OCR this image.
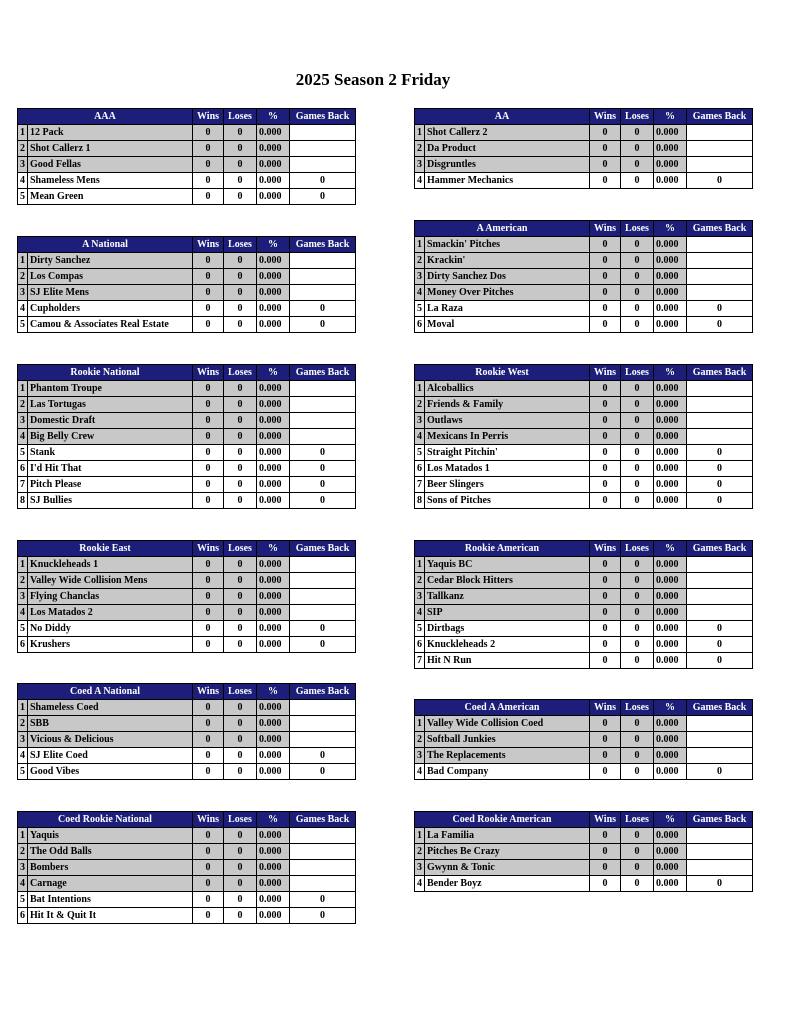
2025 Season 2 Friday
AAA		Wins	Loses	%	Games Back
1	12 Pack	0	0	0.000	
2	Shot Callerz 1	0	0	0.000	
3	Good Fellas	0	0	0.000	
4	Shameless Mens	0	0	0.000	0
5	Mean Green	0	0	0.000	0
AA		Wins	Loses	%	Games Back
1	Shot Callerz 2	0	0	0.000	
2	Da Product	0	0	0.000	
3	Disgruntles	0	0	0.000	
4	Hammer Mechanics	0	0	0.000	0
A National		Wins	Loses	%	Games Back
1	Dirty Sanchez	0	0	0.000	
2	Los Compas	0	0	0.000	
3	SJ Elite Mens	0	0	0.000	
4	Cupholders	0	0	0.000	0
5	Camou & Associates Real Estate	0	0	0.000	0
A American		Wins	Loses	%	Games Back
1	Smackin' Pitches	0	0	0.000	
2	Krackin'	0	0	0.000	
3	Dirty Sanchez Dos	0	0	0.000	
4	Money Over Pitches	0	0	0.000	
5	La Raza	0	0	0.000	0
6	Moval	0	0	0.000	0
Rookie National		Wins	Loses	%	Games Back
1	Phantom Troupe	0	0	0.000	
2	Las Tortugas	0	0	0.000	
3	Domestic Draft	0	0	0.000	
4	Big Belly Crew	0	0	0.000	
5	Stank	0	0	0.000	0
6	I'd Hit That	0	0	0.000	0
7	Pitch Please	0	0	0.000	0
8	SJ Bullies	0	0	0.000	0
Rookie West		Wins	Loses	%	Games Back
1	Alcoballics	0	0	0.000	
2	Friends & Family	0	0	0.000	
3	Outlaws	0	0	0.000	
4	Mexicans In Perris	0	0	0.000	
5	Straight Pitchin'	0	0	0.000	0
6	Los Matados 1	0	0	0.000	0
7	Beer Slingers	0	0	0.000	0
8	Sons of Pitches	0	0	0.000	0
Rookie East		Wins	Loses	%	Games Back
1	Knuckleheads 1	0	0	0.000	
2	Valley Wide Collision Mens	0	0	0.000	
3	Flying Chanclas	0	0	0.000	
4	Los Matados 2	0	0	0.000	
5	No Diddy	0	0	0.000	0
6	Krushers	0	0	0.000	0
Rookie American		Wins	Loses	%	Games Back
1	Yaquis BC	0	0	0.000	
2	Cedar Block Hitters	0	0	0.000	
3	Tallkanz	0	0	0.000	
4	SIP	0	0	0.000	
5	Dirtbags	0	0	0.000	0
6	Knuckleheads 2	0	0	0.000	0
7	Hit N Run	0	0	0.000	0
Coed A National		Wins	Loses	%	Games Back
1	Shameless Coed	0	0	0.000	
2	SBB	0	0	0.000	
3	Vicious & Delicious	0	0	0.000	
4	SJ Elite Coed	0	0	0.000	0
5	Good Vibes	0	0	0.000	0
Coed A American		Wins	Loses	%	Games Back
1	Valley Wide Collision Coed	0	0	0.000	
2	Softball Junkies	0	0	0.000	
3	The Replacements	0	0	0.000	
4	Bad Company	0	0	0.000	0
Coed Rookie National		Wins	Loses	%	Games Back
1	Yaquis	0	0	0.000	
2	The Odd Balls	0	0	0.000	
3	Bombers	0	0	0.000	
4	Carnage	0	0	0.000	
5	Bat Intentions	0	0	0.000	0
6	Hit It & Quit It	0	0	0.000	0
Coed Rookie American		Wins	Loses	%	Games Back
1	La Familia	0	0	0.000	
2	Pitches Be Crazy	0	0	0.000	
3	Gwynn & Tonic	0	0	0.000	
4	Bender Boyz	0	0	0.000	0
